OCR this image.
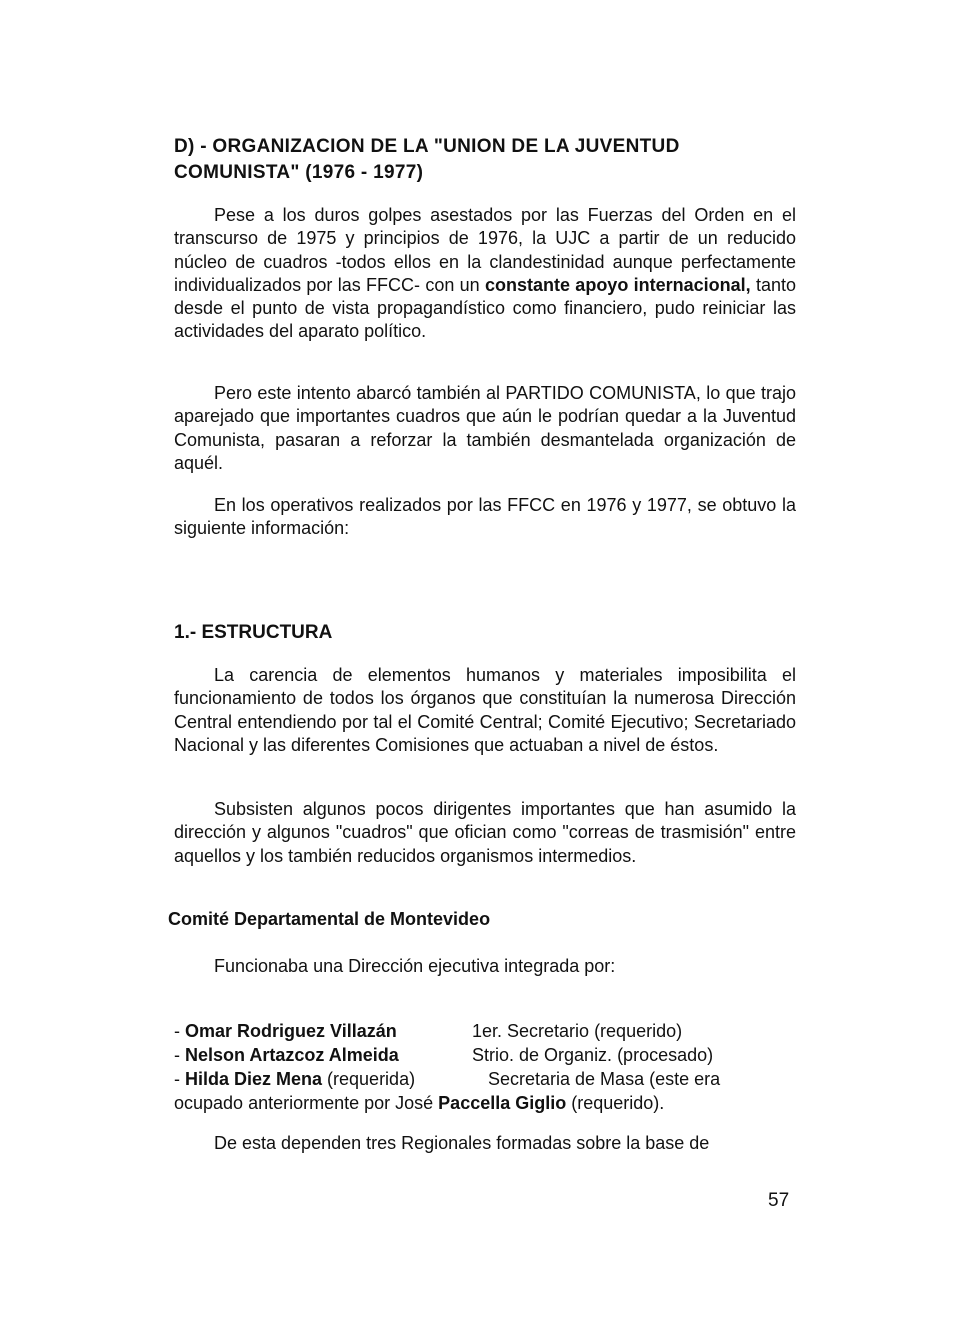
D) - ORGANIZACION DE LA "UNION DE LA JUVENTUD
COMUNISTA" (1976 - 1977)
Pese a los duros golpes asestados por las Fuerzas del Orden en el transcurso de 1975 y principios de 1976, la UJC a partir de un reducido núcleo de cuadros -todos ellos en la clandestinidad aunque perfectamente individualizados por las FFCC- con un constante apoyo internacional, tanto desde el punto de vista propagandístico como financiero, pudo reiniciar las actividades del aparato político.
Pero este intento abarcó también al PARTIDO COMUNISTA, lo que trajo aparejado que importantes cuadros que aún le podrían quedar a la Juventud Comunista, pasaran a reforzar la también desmantelada organización de aquél.
En los operativos realizados por las FFCC en 1976 y 1977, se obtuvo la siguiente información:
1.- ESTRUCTURA
La carencia de elementos humanos y materiales imposibilita el funcionamiento de todos los órganos que constituían la numerosa Dirección Central entendiendo por tal el Comité Central; Comité Ejecutivo; Secretariado Nacional y las diferentes Comisiones que actuaban a nivel de éstos.
Subsisten algunos pocos dirigentes importantes que han asumido la dirección y algunos "cuadros" que ofician como "correas de trasmisión" entre aquellos y los también reducidos organismos intermedios.
Comité Departamental de Montevideo
Funcionaba una Dirección ejecutiva integrada por:
- Omar Rodriguez Villazán	1er. Secretario (requerido)
- Nelson Artazcoz Almeida	Strio. de Organiz. (procesado)
- Hilda Diez Mena (requerida)	Secretaria de Masa (este era
ocupado anteriormente por José Paccella Giglio (requerido).
De esta dependen tres Regionales formadas sobre la base de
57
